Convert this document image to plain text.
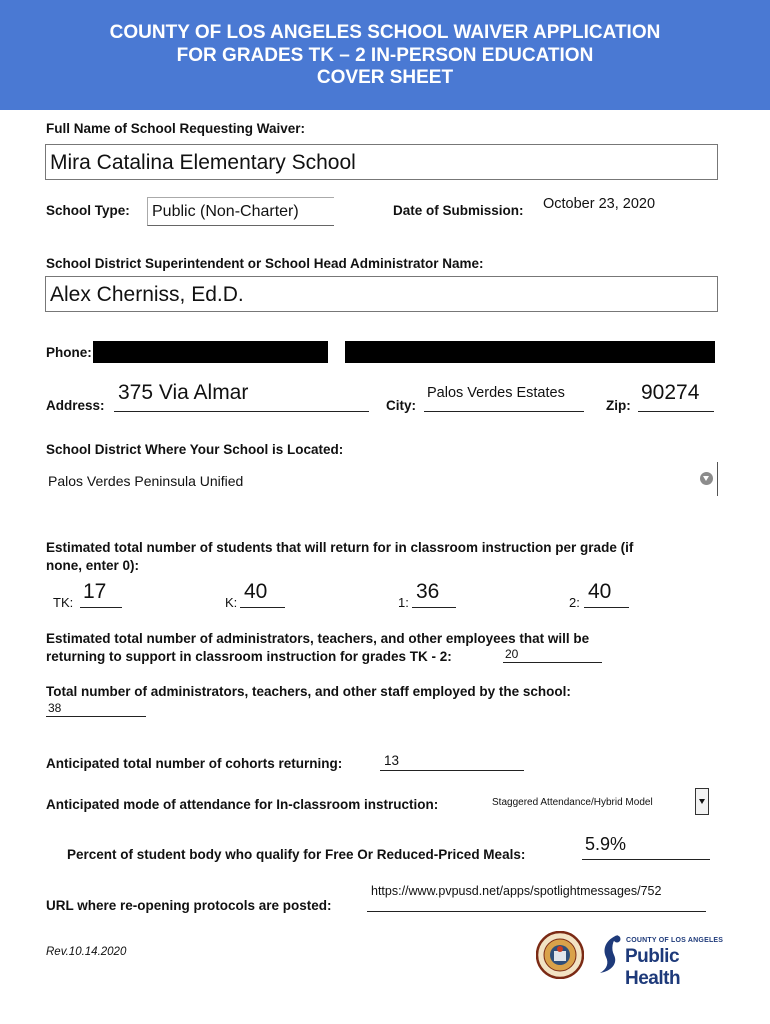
COUNTY OF LOS ANGELES SCHOOL WAIVER APPLICATION
FOR GRADES TK – 2 IN-PERSON EDUCATION
COVER SHEET
Full Name of School Requesting Waiver:
Mira Catalina Elementary School
School Type: Public (Non-Charter)	Date of Submission: October 23, 2020
School District Superintendent or School Head Administrator Name:
Alex Cherniss, Ed.D.
Phone:
Address:
375 Via Almar
City:
Palos Verdes Estates
Zip:
90274
School District Where Your School is Located:
Palos Verdes Peninsula Unified
Estimated total number of students that will return for in classroom instruction per grade (if
none, enter 0):
TK: 17	K: 40	1: 36	2: 40
Estimated total number of administrators, teachers, and other employees that will be
returning to support in classroom instruction for grades TK - 2:	20
Total number of administrators, teachers, and other staff employed by the school:
38
Anticipated total number of cohorts returning:	13
Anticipated mode of attendance for In-classroom instruction:	Staggered Attendance/Hybrid Model
Percent of student body who qualify for Free Or Reduced-Priced Meals:
5.9%
URL where re-opening protocols are posted:
https://www.pvpusd.net/apps/spotlightmessages/752
Rev.10.14.2020
COUNTY OF LOS ANGELES
Public Health
